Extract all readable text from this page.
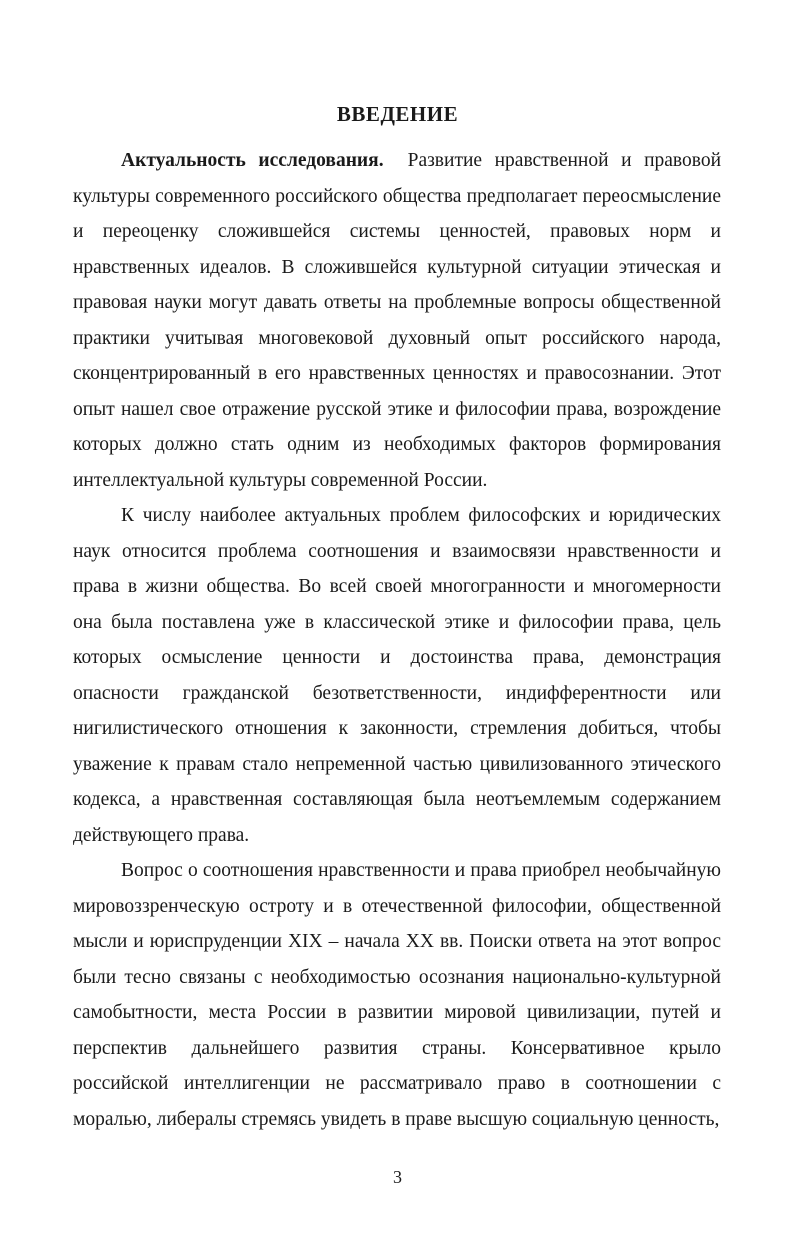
ВВЕДЕНИЕ

Актуальность исследования. Развитие нравственной и правовой культуры современного российского общества предполагает переосмысление и переоценку сложившейся системы ценностей, правовых норм и нравственных идеалов. В сложившейся культурной ситуации этическая и правовая науки могут давать ответы на проблемные вопросы общественной практики учитывая многовековой духовный опыт российского народа, сконцентрированный в его нравственных ценностях и правосознании. Этот опыт нашел свое отражение русской этике и философии права, возрождение которых должно стать одним из необходимых факторов формирования интеллектуальной культуры современной России.

К числу наиболее актуальных проблем философских и юридических наук относится проблема соотношения и взаимосвязи нравственности и права в жизни общества. Во всей своей многогранности и многомерности она была поставлена уже в классической этике и философии права, цель которых осмысление ценности и достоинства права, демонстрация опасности гражданской безответственности, индифферентности или нигилистического отношения к законности, стремления добиться, чтобы уважение к правам стало непременной частью цивилизованного этического кодекса, а нравственная составляющая была неотъемлемым содержанием действующего права.

Вопрос о соотношения нравственности и права приобрел необычайную мировоззренческую остроту и в отечественной философии, общественной мысли и юриспруденции XIX – начала XX вв. Поиски ответа на этот вопрос были тесно связаны с необходимостью осознания национально-культурной самобытности, места России в развитии мировой цивилизации, путей и перспектив дальнейшего развития страны. Консервативное крыло российской интеллигенции не рассматривало право в соотношении с моралью, либералы стремясь увидеть в праве высшую социальную ценность,

3
